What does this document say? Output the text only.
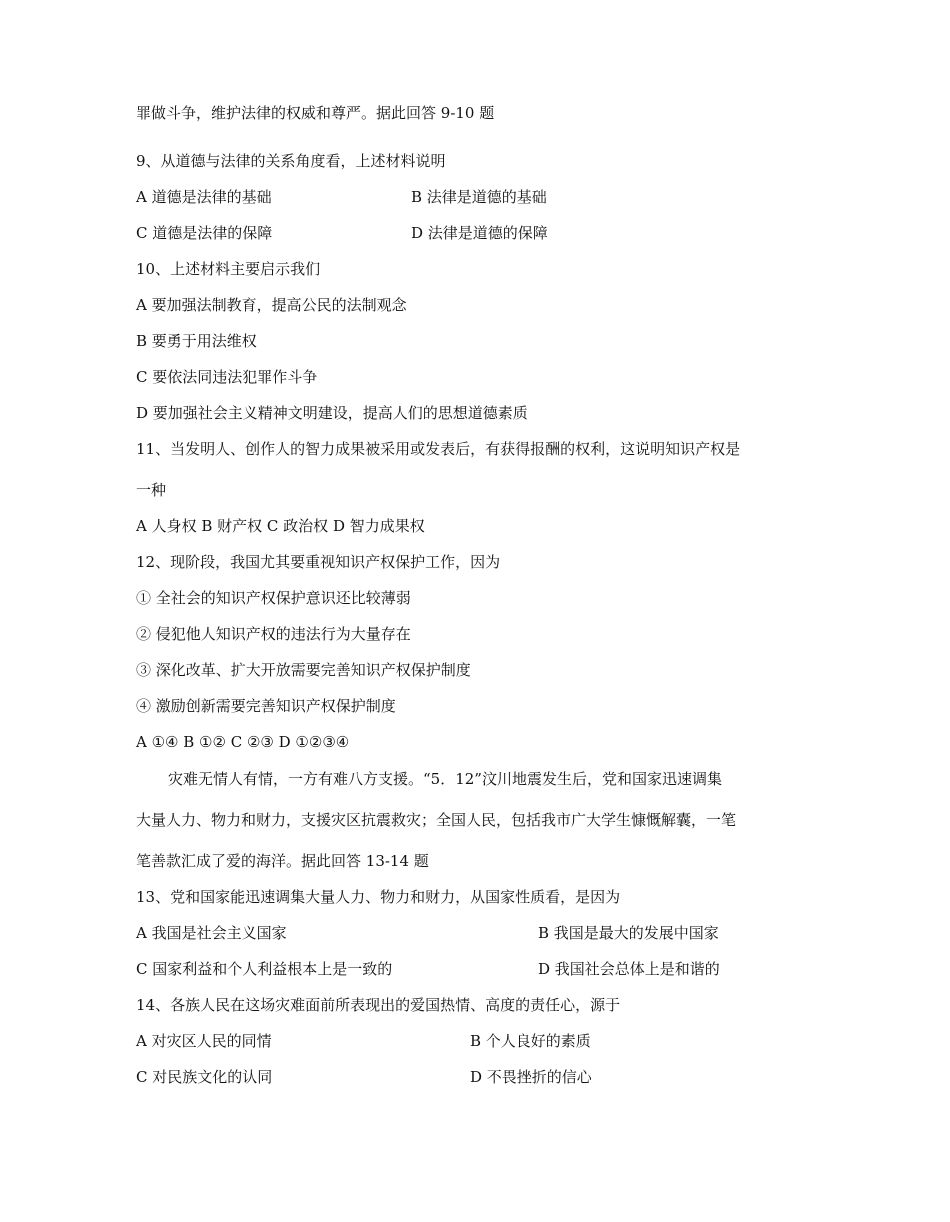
罪做斗争，维护法律的权威和尊严。据此回答 9-10 题
9、从道德与法律的关系角度看，上述材料说明
A 道德是法律的基础	B 法律是道德的基础
C 道德是法律的保障	D 法律是道德的保障
10、上述材料主要启示我们
A 要加强法制教育，提高公民的法制观念
B 要勇于用法维权
C 要依法同违法犯罪作斗争
D 要加强社会主义精神文明建设，提高人们的思想道德素质
11、当发明人、创作人的智力成果被采用或发表后，有获得报酬的权利，这说明知识产权是
一种
A 人身权 B 财产权 C 政治权 D 智力成果权
12、现阶段，我国尤其要重视知识产权保护工作，因为
① 全社会的知识产权保护意识还比较薄弱
② 侵犯他人知识产权的违法行为大量存在
③ 深化改革、扩大开放需要完善知识产权保护制度
④ 激励创新需要完善知识产权保护制度
A ①④ B ①② C ②③ D ①②③④
灾难无情人有情，一方有难八方支援。“5．12”汶川地震发生后，党和国家迅速调集
大量人力、物力和财力，支援灾区抗震救灾；全国人民，包括我市广大学生慷慨解囊，一笔
笔善款汇成了爱的海洋。据此回答 13-14 题
13、党和国家能迅速调集大量人力、物力和财力，从国家性质看，是因为
A 我国是社会主义国家	B 我国是最大的发展中国家
C 国家利益和个人利益根本上是一致的	D 我国社会总体上是和谐的
14、各族人民在这场灾难面前所表现出的爱国热情、高度的责任心，源于
A 对灾区人民的同情	B 个人良好的素质
C 对民族文化的认同	D 不畏挫折的信心
